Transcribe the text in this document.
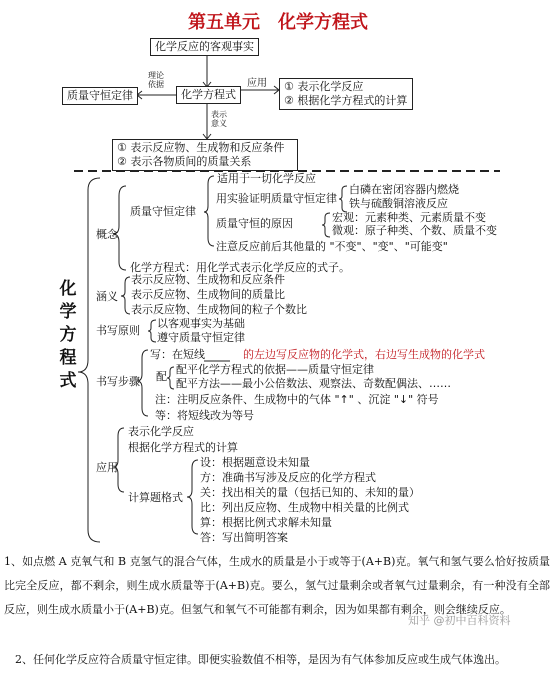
第五单元　化学方程式
化学反应的客观事实
质量守恒定律	化学方程式
理论
依据	应用
表示
意义
① 表示化学反应
② 根据化学方程式的计算
① 表示反应物、生成物和反应条件
② 表示各物质间的质量关系
化
学
方
程
式
概念
质量守恒定律
适用于一切化学反应
用实验证明质量守恒定律
白磷在密闭容器内燃烧
铁与硫酸铜溶液反应
质量守恒的原因	宏观：元素种类、元素质量不变
微观：原子种类、个数、质量不变
注意反应前后其他量的 "不变"、"变"、"可能变"
化学方程式：用化学式表示化学反应的式子。
涵义
表示反应物、生成物和反应条件
表示反应物、生成物间的质量比
表示反应物、生成物间的粒子个数比
书写原则
以客观事实为基础
遵守质量守恒定律
书写步骤
写：在短线	的左边写反应物的化学式，右边写生成物的化学式
配
配平化学方程式的依据——质量守恒定律
配平方法——最小公倍数法、观察法、奇数配偶法、……
注：注明反应条件、生成物中的气体 "↑" 、沉淀 "↓" 符号
等：将短线改为等号
应用
表示化学反应
根据化学方程式的计算
计算题格式
设：根据题意设未知量
方：准确书写涉及反应的化学方程式
关：找出相关的量（包括已知的、未知的量）
比：列出反应物、生成物中相关量的比例式
算：根据比例式求解未知量
答：写出简明答案
1、如点燃 A 克氧气和 B 克氢气的混合气体，生成水的质量是小于或等于(A+B)克。氧气和氢气要么恰好按质量比完全反应，都不剩余，则生成水质量等于(A+B)克。要么，氢气过量剩余或者氧气过量剩余，有一种没有全部反应，则生成水质量小于(A+B)克。但氢气和氧气不可能都有剩余，因为如果都有剩余，则会继续反应。
2、任何化学反应符合质量守恒定律。即便实验数值不相等，是因为有气体参加反应或生成气体逸出。
知乎 @初中百科资料
